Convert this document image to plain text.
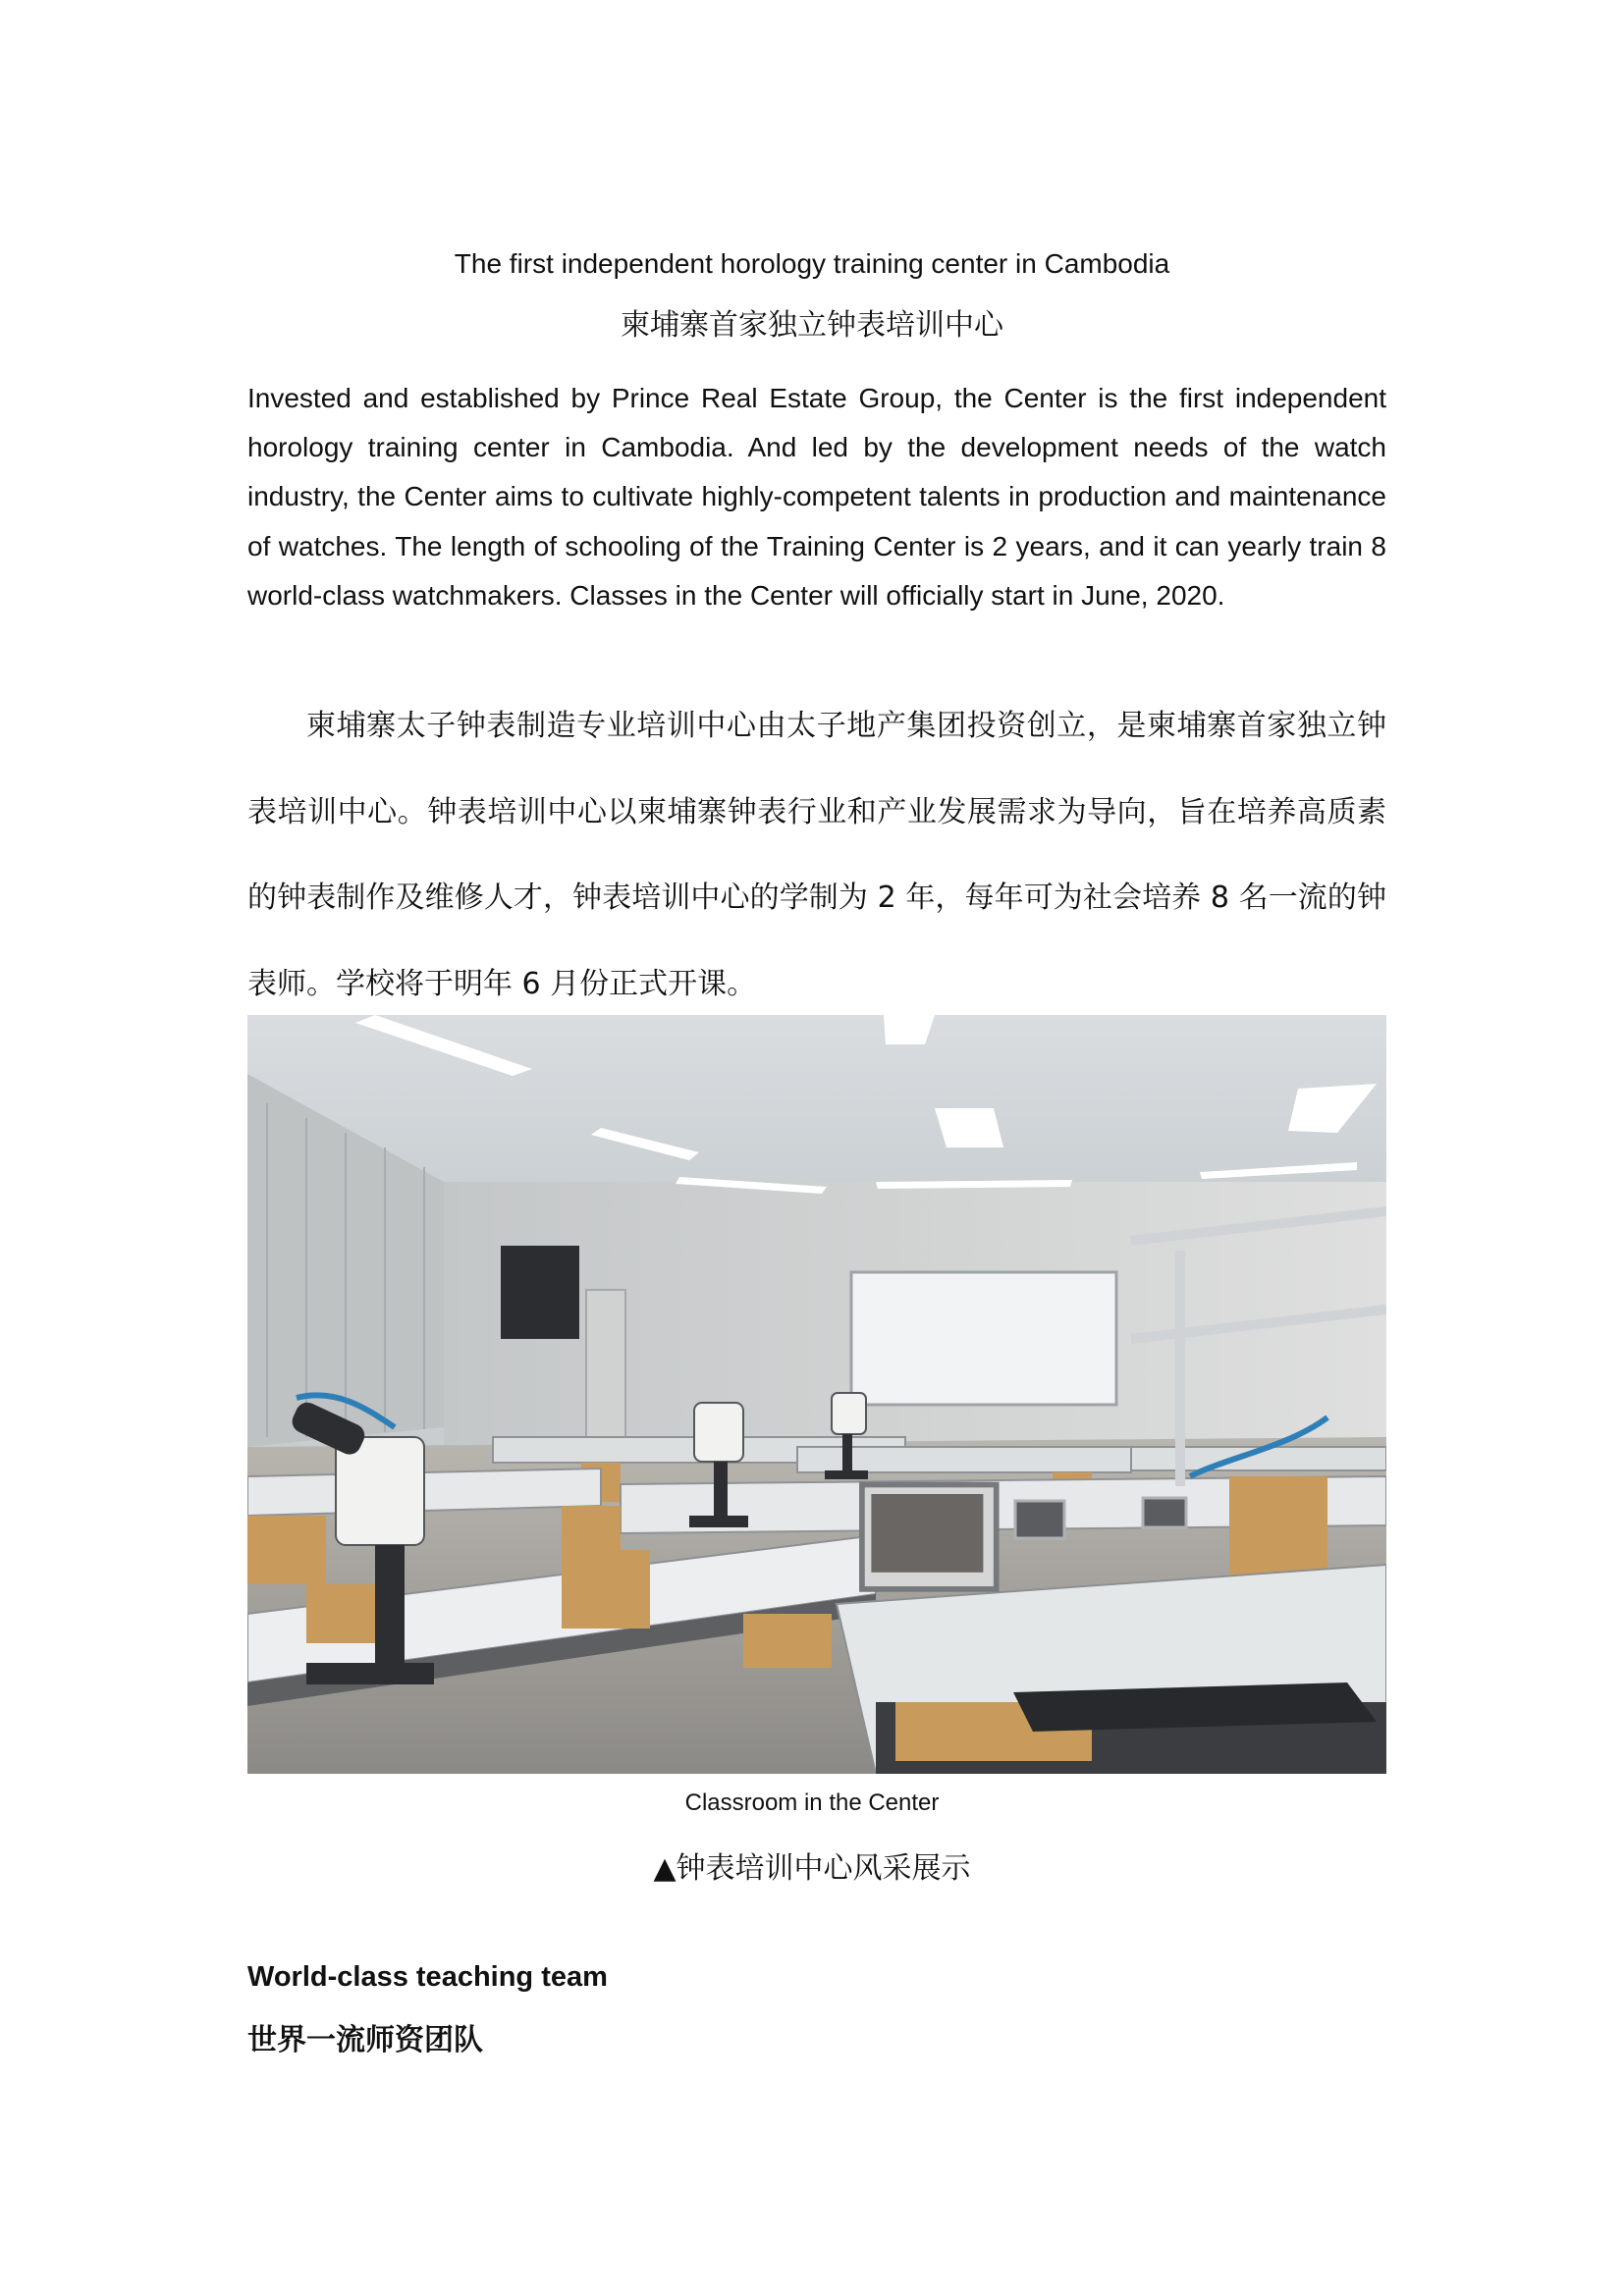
The first independent horology training center in Cambodia
柬埔寨首家独立钟表培训中心

Invested and established by Prince Real Estate Group, the Center is the first independent horology training center in Cambodia. And led by the development needs of the watch industry, the Center aims to cultivate highly-competent talents in production and maintenance of watches. The length of schooling of the Training Center is 2 years, and it can yearly train 8 world-class watchmakers. Classes in the Center will officially start in June, 2020.

柬埔寨太子钟表制造专业培训中心由太子地产集团投资创立，是柬埔寨首家独立钟表培训中心。钟表培训中心以柬埔寨钟表行业和产业发展需求为导向，旨在培养高质素的钟表制作及维修人才，钟表培训中心的学制为 2 年，每年可为社会培养 8 名一流的钟表师。学校将于明年 6 月份正式开课。

Classroom in the Center

▲钟表培训中心风采展示

World-class teaching team
世界一流师资团队
